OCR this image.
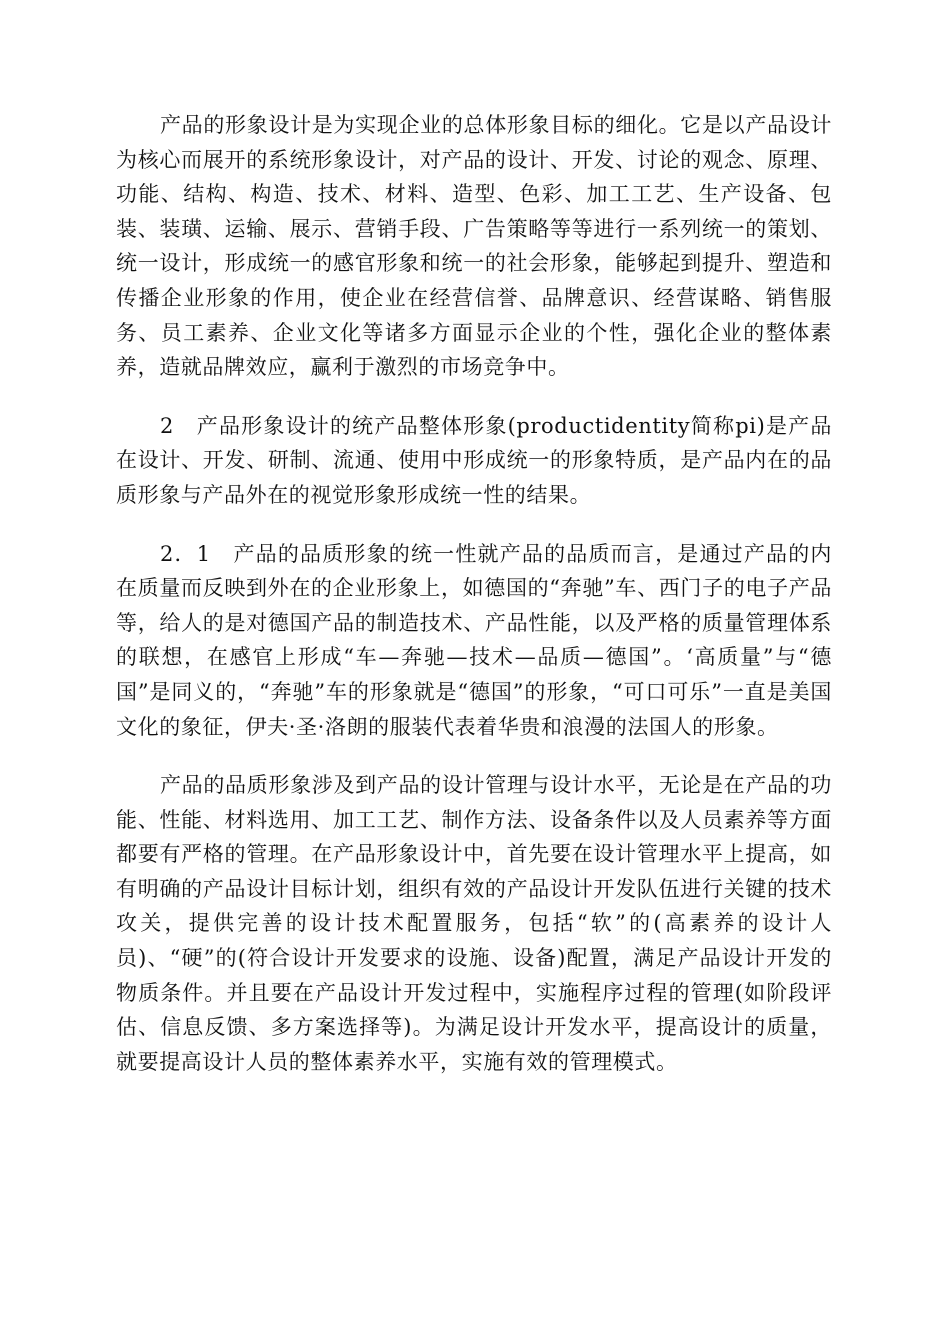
产品的形象设计是为实现企业的总体形象目标的细化。它是以产品设计为核心而展开的系统形象设计，对产品的设计、开发、讨论的观念、原理、功能、结构、构造、技术、材料、造型、色彩、加工工艺、生产设备、包装、装璜、运输、展示、营销手段、广告策略等等进行一系列统一的策划、统一设计，形成统一的感官形象和统一的社会形象，能够起到提升、塑造和传播企业形象的作用，使企业在经营信誉、品牌意识、经营谋略、销售服务、员工素养、企业文化等诸多方面显示企业的个性，强化企业的整体素养，造就品牌效应，赢利于激烈的市场竞争中。

2　产品形象设计的统产品整体形象(productidentity简称pi)是产品在设计、开发、研制、流通、使用中形成统一的形象特质，是产品内在的品质形象与产品外在的视觉形象形成统一性的结果。

2．1　产品的品质形象的统一性就产品的品质而言，是通过产品的内在质量而反映到外在的企业形象上，如德国的“奔驰”车、西门子的电子产品等，给人的是对德国产品的制造技术、产品性能，以及严格的质量管理体系的联想，在感官上形成“车—奔驰—技术—品质—德国”。‘高质量”与“德国”是同义的，“奔驰”车的形象就是“德国”的形象，“可口可乐”一直是美国文化的象征，伊夫·圣·洛朗的服装代表着华贵和浪漫的法国人的形象。

产品的品质形象涉及到产品的设计管理与设计水平，无论是在产品的功能、性能、材料选用、加工工艺、制作方法、设备条件以及人员素养等方面都要有严格的管理。在产品形象设计中，首先要在设计管理水平上提高，如有明确的产品设计目标计划，组织有效的产品设计开发队伍进行关键的技术攻关，提供完善的设计技术配置服务，包括“软”的(高素养的设计人员)、“硬”的(符合设计开发要求的设施、设备)配置，满足产品设计开发的物质条件。并且要在产品设计开发过程中，实施程序过程的管理(如阶段评估、信息反馈、多方案选择等)。为满足设计开发水平，提高设计的质量，就要提高设计人员的整体素养水平，实施有效的管理模式。
